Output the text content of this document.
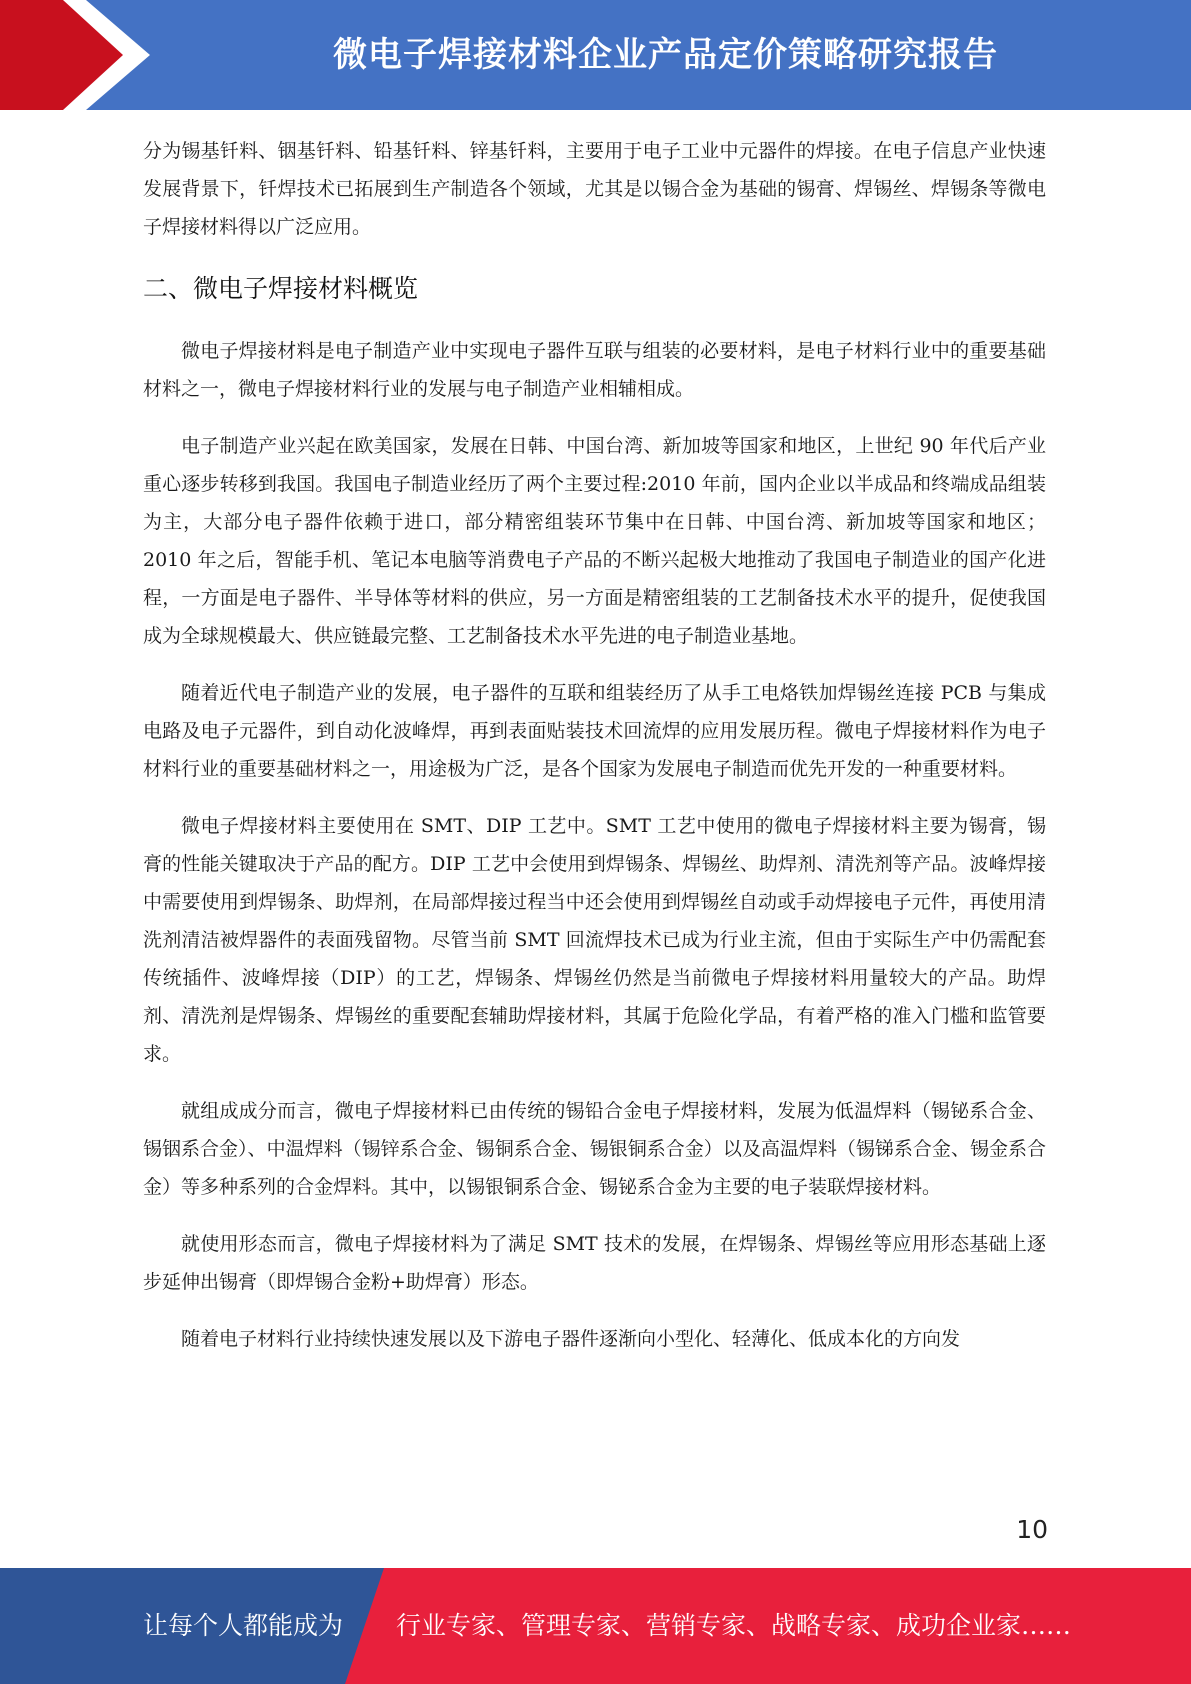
微电子焊接材料企业产品定价策略研究报告

分为锡基钎料、铟基钎料、铅基钎料、锌基钎料，主要用于电子工业中元器件的焊接。在电子信息产业快速发展背景下，钎焊技术已拓展到生产制造各个领域，尤其是以锡合金为基础的锡膏、焊锡丝、焊锡条等微电子焊接材料得以广泛应用。

二、微电子焊接材料概览

微电子焊接材料是电子制造产业中实现电子器件互联与组装的必要材料，是电子材料行业中的重要基础材料之一，微电子焊接材料行业的发展与电子制造产业相辅相成。

电子制造产业兴起在欧美国家，发展在日韩、中国台湾、新加坡等国家和地区，上世纪 90 年代后产业重心逐步转移到我国。我国电子制造业经历了两个主要过程:2010 年前，国内企业以半成品和终端成品组装为主，大部分电子器件依赖于进口，部分精密组装环节集中在日韩、中国台湾、新加坡等国家和地区；2010 年之后，智能手机、笔记本电脑等消费电子产品的不断兴起极大地推动了我国电子制造业的国产化进程，一方面是电子器件、半导体等材料的供应，另一方面是精密组装的工艺制备技术水平的提升，促使我国成为全球规模最大、供应链最完整、工艺制备技术水平先进的电子制造业基地。

随着近代电子制造产业的发展，电子器件的互联和组装经历了从手工电烙铁加焊锡丝连接 PCB 与集成电路及电子元器件，到自动化波峰焊，再到表面贴装技术回流焊的应用发展历程。微电子焊接材料作为电子材料行业的重要基础材料之一，用途极为广泛，是各个国家为发展电子制造而优先开发的一种重要材料。

微电子焊接材料主要使用在 SMT、DIP 工艺中。SMT 工艺中使用的微电子焊接材料主要为锡膏，锡膏的性能关键取决于产品的配方。DIP 工艺中会使用到焊锡条、焊锡丝、助焊剂、清洗剂等产品。波峰焊接中需要使用到焊锡条、助焊剂，在局部焊接过程当中还会使用到焊锡丝自动或手动焊接电子元件，再使用清洗剂清洁被焊器件的表面残留物。尽管当前 SMT 回流焊技术已成为行业主流，但由于实际生产中仍需配套传统插件、波峰焊接（DIP）的工艺，焊锡条、焊锡丝仍然是当前微电子焊接材料用量较大的产品。助焊剂、清洗剂是焊锡条、焊锡丝的重要配套辅助焊接材料，其属于危险化学品，有着严格的准入门槛和监管要求。

就组成成分而言，微电子焊接材料已由传统的锡铅合金电子焊接材料，发展为低温焊料（锡铋系合金、锡铟系合金）、中温焊料（锡锌系合金、锡铜系合金、锡银铜系合金）以及高温焊料（锡锑系合金、锡金系合金）等多种系列的合金焊料。其中，以锡银铜系合金、锡铋系合金为主要的电子装联焊接材料。

就使用形态而言，微电子焊接材料为了满足 SMT 技术的发展，在焊锡条、焊锡丝等应用形态基础上逐步延伸出锡膏（即焊锡合金粉+助焊膏）形态。

随着电子材料行业持续快速发展以及下游电子器件逐渐向小型化、轻薄化、低成本化的方向发

10
让每个人都能成为 行业专家、管理专家、营销专家、战略专家、成功企业家……
